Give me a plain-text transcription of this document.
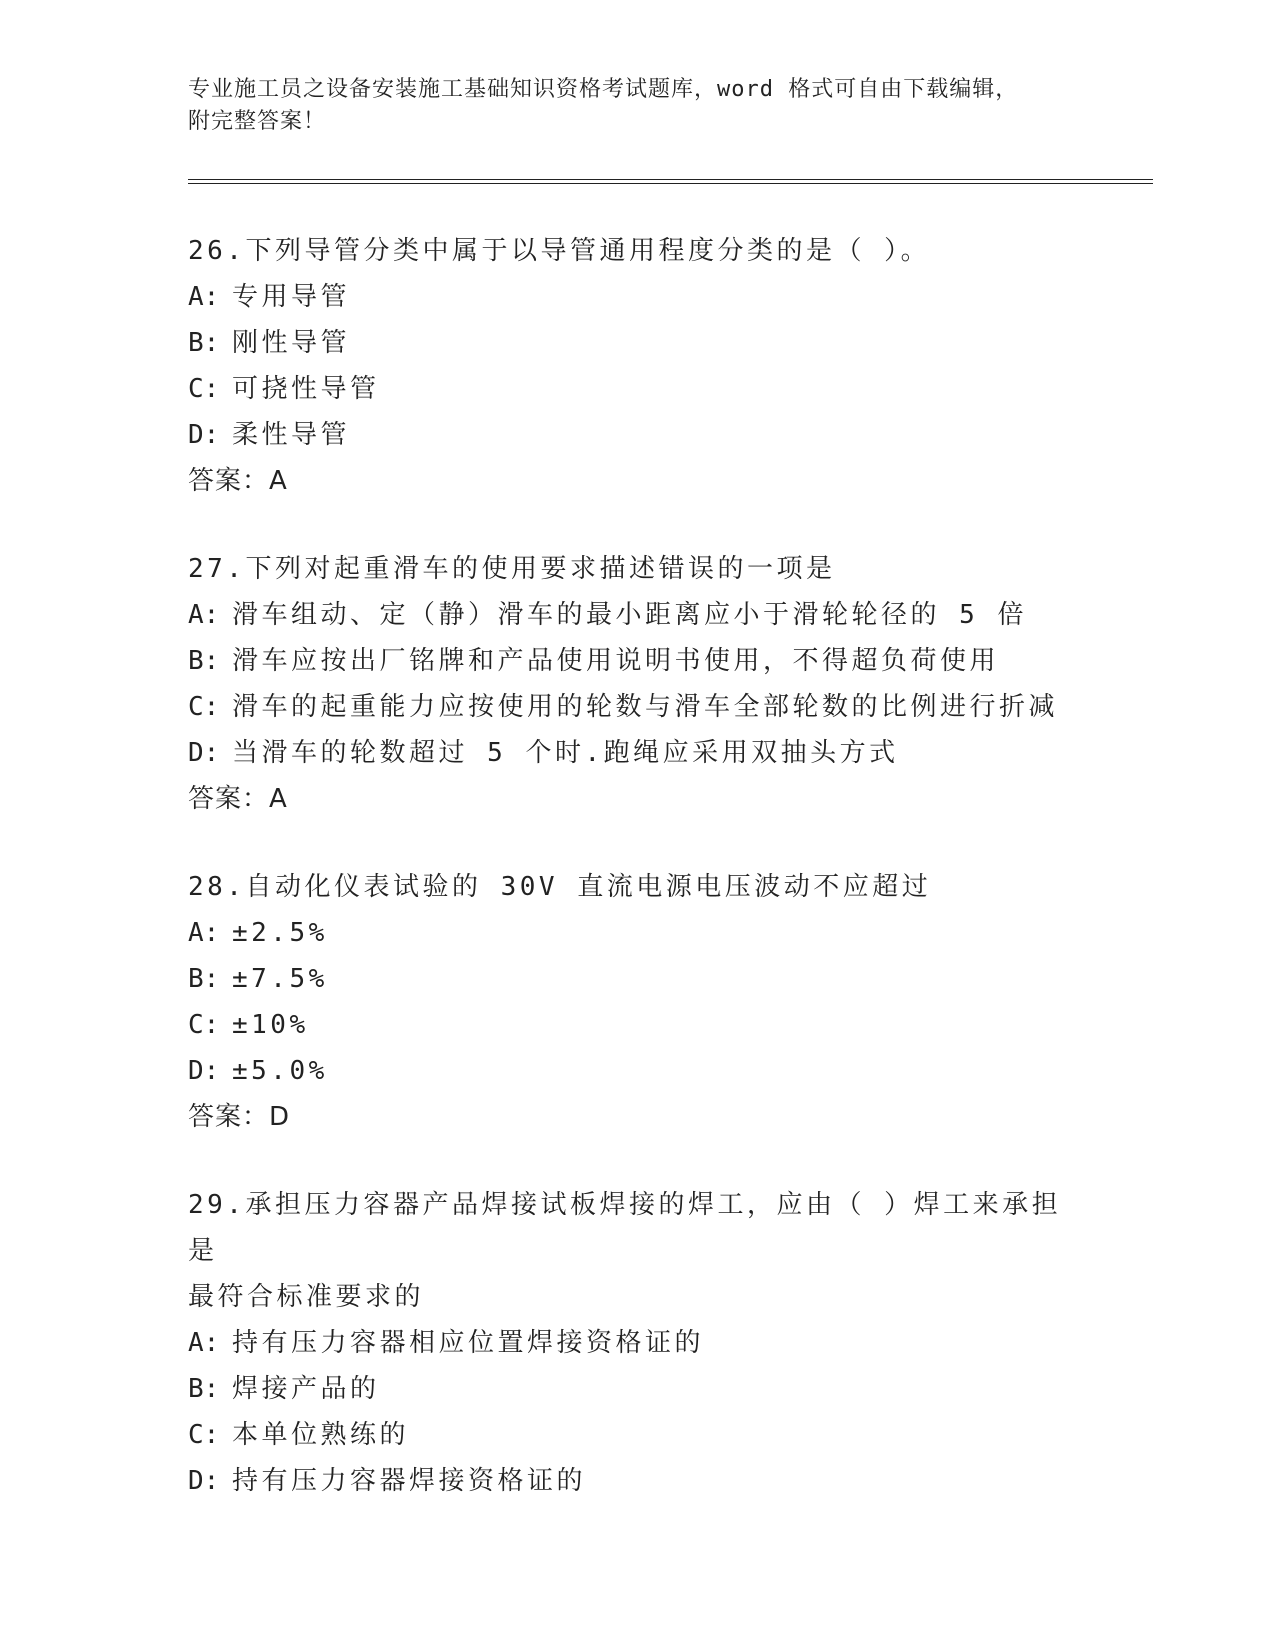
专业施工员之设备安装施工基础知识资格考试题库，word 格式可自由下载编辑，

附完整答案！

26.下列导管分类中属于以导管通用程度分类的是（ ）。

A: 专用导管

B: 刚性导管

C: 可挠性导管

D: 柔性导管

答案：A

27.下列对起重滑车的使用要求描述错误的一项是

A: 滑车组动、定（静）滑车的最小距离应小于滑轮轮径的 5 倍

B: 滑车应按出厂铭牌和产品使用说明书使用，不得超负荷使用

C: 滑车的起重能力应按使用的轮数与滑车全部轮数的比例进行折减

D: 当滑车的轮数超过 5 个时.跑绳应采用双抽头方式

答案：A

28.自动化仪表试验的 30V 直流电源电压波动不应超过

A: ±2.5%

B: ±7.5%

C: ±10%

D: ±5.0%

答案：D

29.承担压力容器产品焊接试板焊接的焊工，应由（ ）焊工来承担是

最符合标准要求的

A: 持有压力容器相应位置焊接资格证的

B: 焊接产品的

C: 本单位熟练的

D: 持有压力容器焊接资格证的
